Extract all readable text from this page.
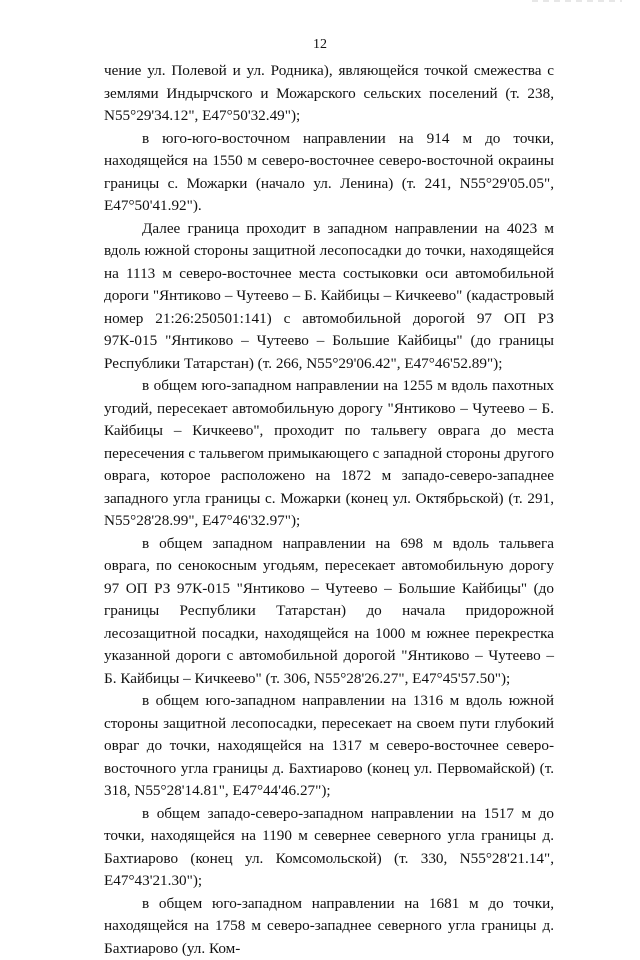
12

чение ул. Полевой и ул. Родника), являющейся точкой смежества с землями Индырчского и Можарского сельских поселений (т. 238, N55°29'34.12", E47°50'32.49");

в юго-юго-восточном направлении на 914 м до точки, находящейся на 1550 м северо-восточнее северо-восточной окраины границы с. Можарки (начало ул. Ленина) (т. 241, N55°29'05.05", E47°50'41.92").

Далее граница проходит в западном направлении на 4023 м вдоль южной стороны защитной лесопосадки до точки, находящейся на 1113 м северо-восточнее места состыковки оси автомобильной дороги "Янтиково – Чутеево – Б. Кайбицы – Кичкеево" (кадастровый номер 21:26:250501:141) с автомобильной дорогой 97 ОП РЗ 97К-015 "Янтиково – Чутеево – Большие Кайбицы" (до границы Республики Татарстан) (т. 266, N55°29'06.42", E47°46'52.89");

в общем юго-западном направлении на 1255 м вдоль пахотных угодий, пересекает автомобильную дорогу "Янтиково – Чутеево – Б. Кайбицы – Кичкеево", проходит по тальвегу оврага до места пересечения с тальвегом примыкающего с западной стороны другого оврага, которое расположено на 1872 м западо-северо-западнее западного угла границы с. Можарки (конец ул. Октябрьской) (т. 291, N55°28'28.99", E47°46'32.97");

в общем западном направлении на 698 м вдоль тальвега оврага, по сенокосным угодьям, пересекает автомобильную дорогу 97 ОП РЗ 97К-015 "Янтиково – Чутеево – Большие Кайбицы" (до границы Республики Татарстан) до начала придорожной лесозащитной посадки, находящейся на 1000 м южнее перекрестка указанной дороги с автомобильной дорогой "Янтиково – Чутеево – Б. Кайбицы – Кичкеево" (т. 306, N55°28'26.27", E47°45'57.50");

в общем юго-западном направлении на 1316 м вдоль южной стороны защитной лесопосадки, пересекает на своем пути глубокий овраг до точки, находящейся на 1317 м северо-восточнее северо-восточного угла границы д. Бахтиарово (конец ул. Первомайской) (т. 318, N55°28'14.81", E47°44'46.27");

в общем западо-северо-западном направлении на 1517 м до точки, находящейся на 1190 м севернее северного угла границы д. Бахтиарово (конец ул. Комсомольской) (т. 330, N55°28'21.14", E47°43'21.30");

в общем юго-западном направлении на 1681 м до точки, находящейся на 1758 м северо-западнее северного угла границы д. Бахтиарово (ул. Ком-
